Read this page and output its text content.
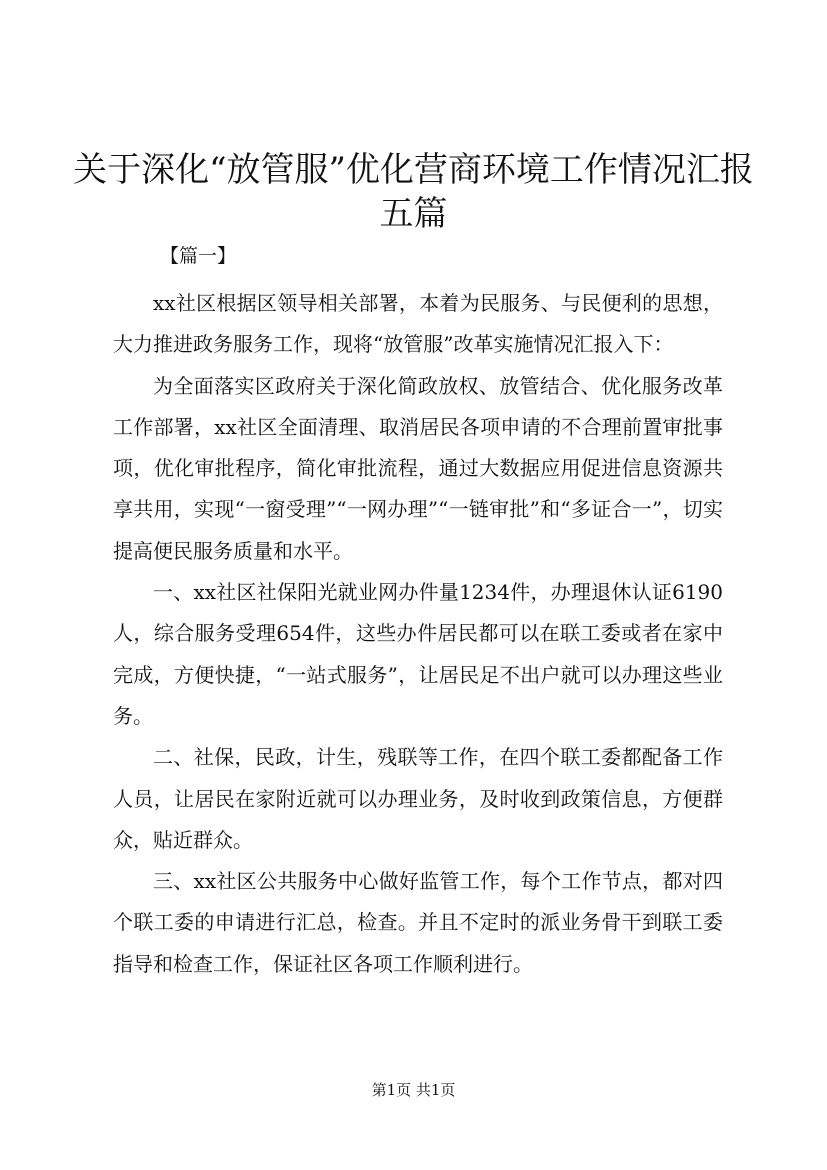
关于深化“放管服”优化营商环境工作情况汇报五篇
【篇一】

xx社区根据区领导相关部署，本着为民服务、与民便利的思想，大力推进政务服务工作，现将“放管服”改革实施情况汇报入下：

为全面落实区政府关于深化简政放权、放管结合、优化服务改革工作部署，xx社区全面清理、取消居民各项申请的不合理前置审批事项，优化审批程序，简化审批流程，通过大数据应用促进信息资源共享共用，实现“一窗受理”“一网办理”“一链审批”和“多证合一”，切实提高便民服务质量和水平。

一、xx社区社保阳光就业网办件量1234件，办理退休认证6190人，综合服务受理654件，这些办件居民都可以在联工委或者在家中完成，方便快捷，“一站式服务”，让居民足不出户就可以办理这些业务。

二、社保，民政，计生，残联等工作，在四个联工委都配备工作人员，让居民在家附近就可以办理业务，及时收到政策信息，方便群众，贴近群众。

三、xx社区公共服务中心做好监管工作，每个工作节点，都对四个联工委的申请进行汇总，检查。并且不定时的派业务骨干到联工委指导和检查工作，保证社区各项工作顺利进行。

第1页 共1页
